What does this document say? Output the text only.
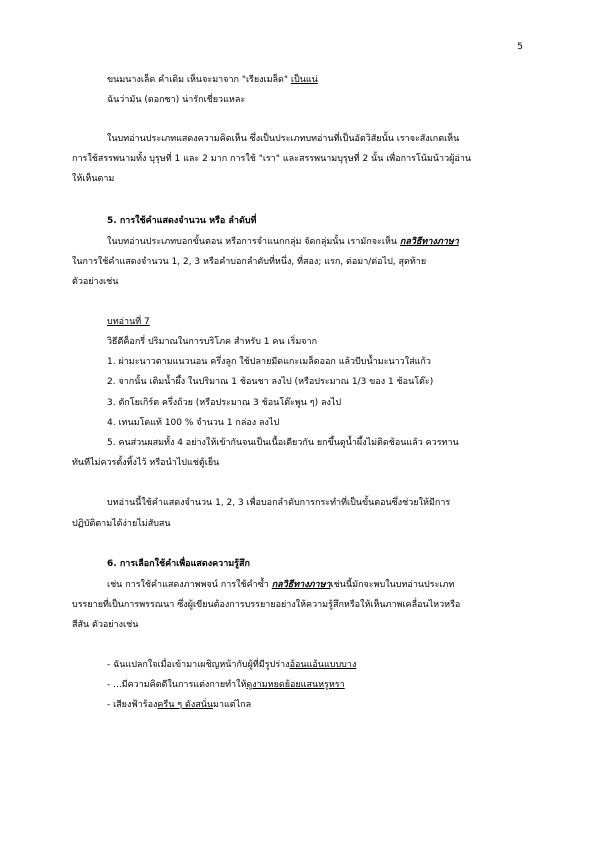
5
ขนมนางเล็ด คำเดิม เห็นจะมาจาก "เรียงเมล็ด" เป็นแน่
ฉันว่ามัน (ดอกซา) น่ารักเชี่ยวแหละ
ในบทอ่านประเภทแสดงความคิดเห็น ซึ่งเป็นประเภทบทอ่านที่เป็นอัตวิสัยนั้น เราจะสังเกตเห็น
การใช้สรรพนามทั้ง บุรุษที่ 1 และ 2 มาก การใช้ "เรา" และสรรพนามบุรุษที่ 2 นั้น เพื่อการโน้มน้าวผู้อ่าน
ให้เห็นตาม
5. การใช้คำแสดงจำนวน หรือ ลำดับที่
ในบทอ่านประเภทบอกขั้นตอน หรือการจำแนกกลุ่ม จัดกลุ่มนั้น เรามักจะเห็น กลวิธีทางภาษา
ในการใช้คำแสดงจำนวน 1, 2, 3 หรือคำบอกลำดับที่หนึ่ง, ที่สอง; แรก, ต่อมา/ต่อไป, สุดท้าย
ตัวอย่างเช่น
บทอ่านที่ 7
วิธีตีค็อกรี่ ปริมาณในการบริโภค สำหรับ 1 คน เริ่มจาก
1. ผ่ามะนาวตามแนวนอน ครึ่งลูก ใช้ปลายมีดแกะเมล็ดออก แล้วบีบน้ำมะนาวใส่แก้ว
2. จากนั้น เติมน้ำผึ้ง ในปริมาณ 1 ช้อนชา ลงไป (หรือประมาณ 1/3 ของ 1 ช้อนโต๊ะ)
3. ตักโยเกิร์ต ครึ่งถ้วย (หรือประมาณ 3 ช้อนโต๊ะพูน ๆ) ลงไป
4. เทนมโดแท้ 100 % จำนวน 1 กล่อง ลงไป
5. คนส่วนผสมทั้ง 4 อย่างให้เข้ากันจนเป็นเนื้อเดียวกัน ยกขึ้นดูน้ำผึ้งไม่ติดช้อนแล้ว ควรทาน
ทันทีไม่ควรตั้งทิ้งไว้ หรือนำไปแช่ตู้เย็น
บทอ่านนี้ใช้คำแสดงจำนวน 1, 2, 3 เพื่อบอกลำดับการกระทำที่เป็นขั้นตอนซึ่งช่วยให้มีการ
ปฏิบัติตามได้ง่ายไม่สับสน
6. การเลือกใช้คำเพื่อแสดงความรู้สึก
เช่น การใช้คำแสดงภาพพจน์ การใช้คำซ้ำ กลวิธีทางภาษาเช่นนี้มักจะพบในบทอ่านประเภท
บรรยายที่เป็นการพรรณนา ซึ่งผู้เขียนต้องการบรรยายอย่างให้ความรู้สึกหรือให้เห็นภาพเคลื่อนไหวหรือ
สีสัน ตัวอย่างเช่น
- ฉันแปลกใจเมื่อเข้ามาเผชิญหน้ากับผู้ที่มีรูปร่างอ้อนแอ้นแบบบาง
- ...มีความคิดดีในการแต่งกายทำให้ดูงามหยดย้อยแสนหรูหรา
- เสียงฟ้าร้องครืน ๆ ดังสนั่นมาแต่ไกล
